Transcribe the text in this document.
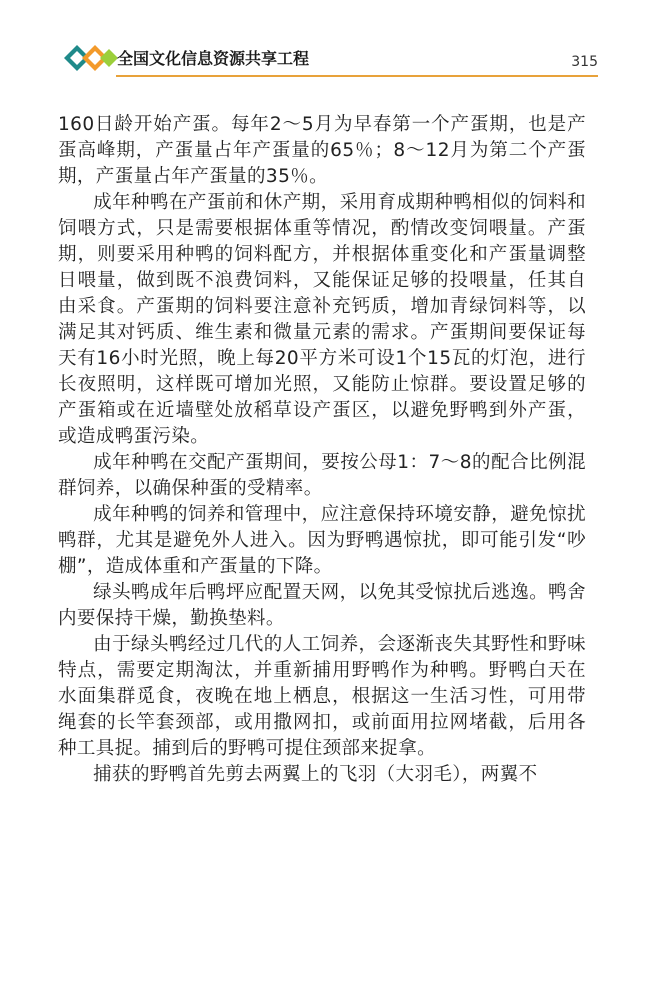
全国文化信息资源共享工程	315

160日龄开始产蛋。每年2～5月为早春第一个产蛋期，也是产蛋高峰期，产蛋量占年产蛋量的65％；8～12月为第二个产蛋期，产蛋量占年产蛋量的35％。

成年种鸭在产蛋前和休产期，采用育成期种鸭相似的饲料和饲喂方式，只是需要根据体重等情况，酌情改变饲喂量。产蛋期，则要采用种鸭的饲料配方，并根据体重变化和产蛋量调整日喂量，做到既不浪费饲料，又能保证足够的投喂量，任其自由采食。产蛋期的饲料要注意补充钙质，增加青绿饲料等，以满足其对钙质、维生素和微量元素的需求。产蛋期间要保证每天有16小时光照，晚上每20平方米可设1个15瓦的灯泡，进行长夜照明，这样既可增加光照，又能防止惊群。要设置足够的产蛋箱或在近墙壁处放稻草设产蛋区，以避免野鸭到外产蛋，或造成鸭蛋污染。

成年种鸭在交配产蛋期间，要按公母1：7～8的配合比例混群饲养，以确保种蛋的受精率。

成年种鸭的饲养和管理中，应注意保持环境安静，避免惊扰鸭群，尤其是避免外人进入。因为野鸭遇惊扰，即可能引发“吵棚”，造成体重和产蛋量的下降。

绿头鸭成年后鸭坪应配置天网，以免其受惊扰后逃逸。鸭舍内要保持干燥，勤换垫料。

由于绿头鸭经过几代的人工饲养，会逐渐丧失其野性和野味特点，需要定期淘汰，并重新捕用野鸭作为种鸭。野鸭白天在水面集群觅食，夜晚在地上栖息，根据这一生活习性，可用带绳套的长竿套颈部，或用撒网扣，或前面用拉网堵截，后用各种工具捉。捕到后的野鸭可提住颈部来捉拿。

捕获的野鸭首先剪去两翼上的飞羽（大羽毛），两翼不
